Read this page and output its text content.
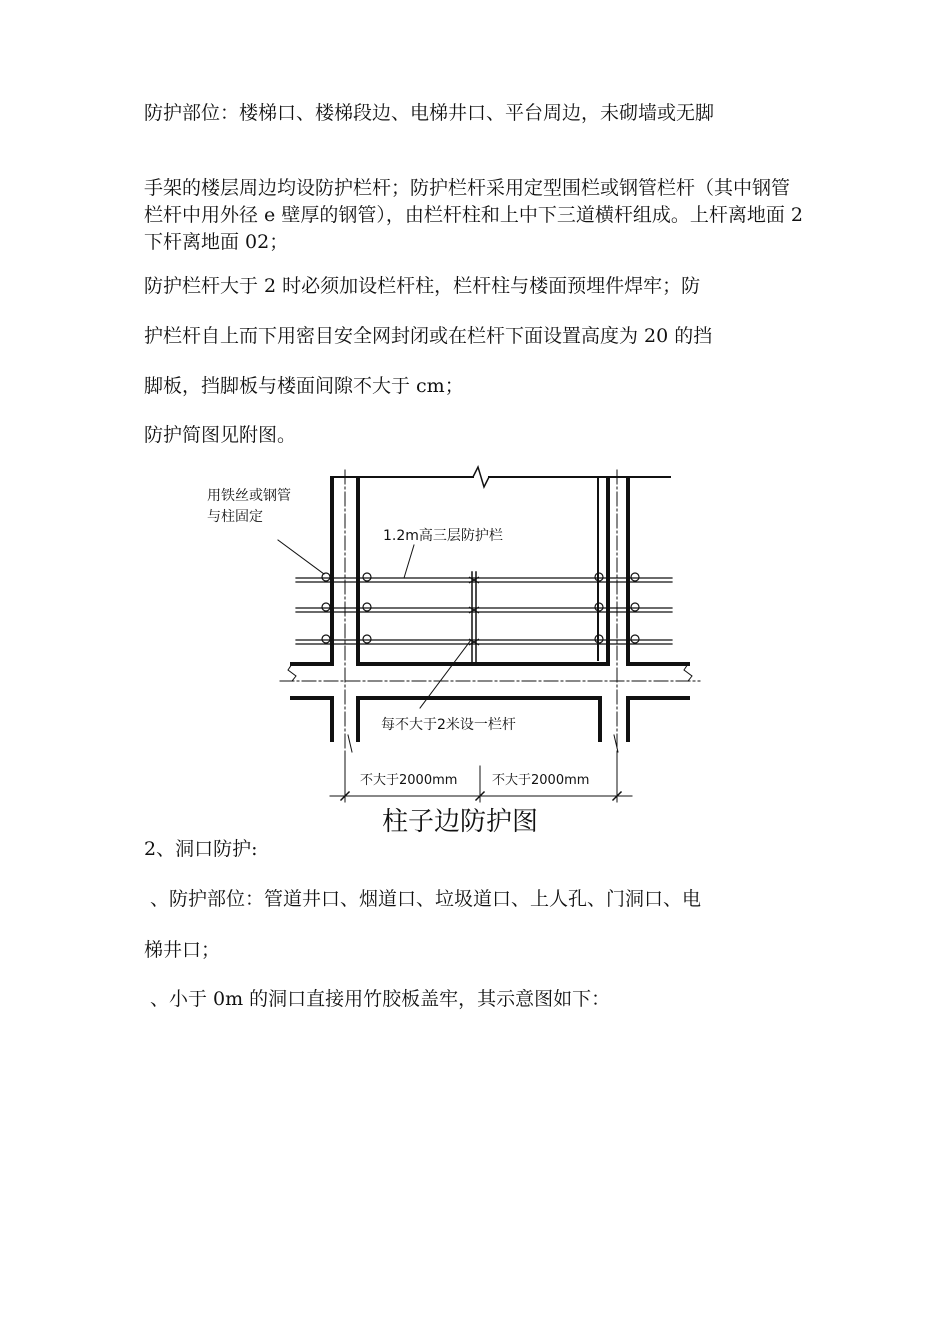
防护部位：楼梯口、楼梯段边、电梯井口、平台周边，未砌墙或无脚

手架的楼层周边均设防护栏杆；防护栏杆采用定型围栏或钢管栏杆（其中钢管栏杆中用外径 e 壁厚的钢管），由栏杆柱和上中下三道横杆组成。上杆离地面 2 下杆离地面 02；

防护栏杆大于 2 时必须加设栏杆柱，栏杆柱与楼面预埋件焊牢；防

护栏杆自上而下用密目安全网封闭或在栏杆下面设置高度为 20 的挡

脚板，挡脚板与楼面间隙不大于 cm；

防护简图见附图。

用铁丝或钢管
与柱固定
1.2m高三层防护栏
每不大于2米设一栏杆
不大于2000mm	不大于2000mm
柱子边防护图

2、洞口防护:

、防护部位：管道井口、烟道口、垃圾道口、上人孔、门洞口、电

梯井口；

、小于 0m 的洞口直接用竹胶板盖牢，其示意图如下：
